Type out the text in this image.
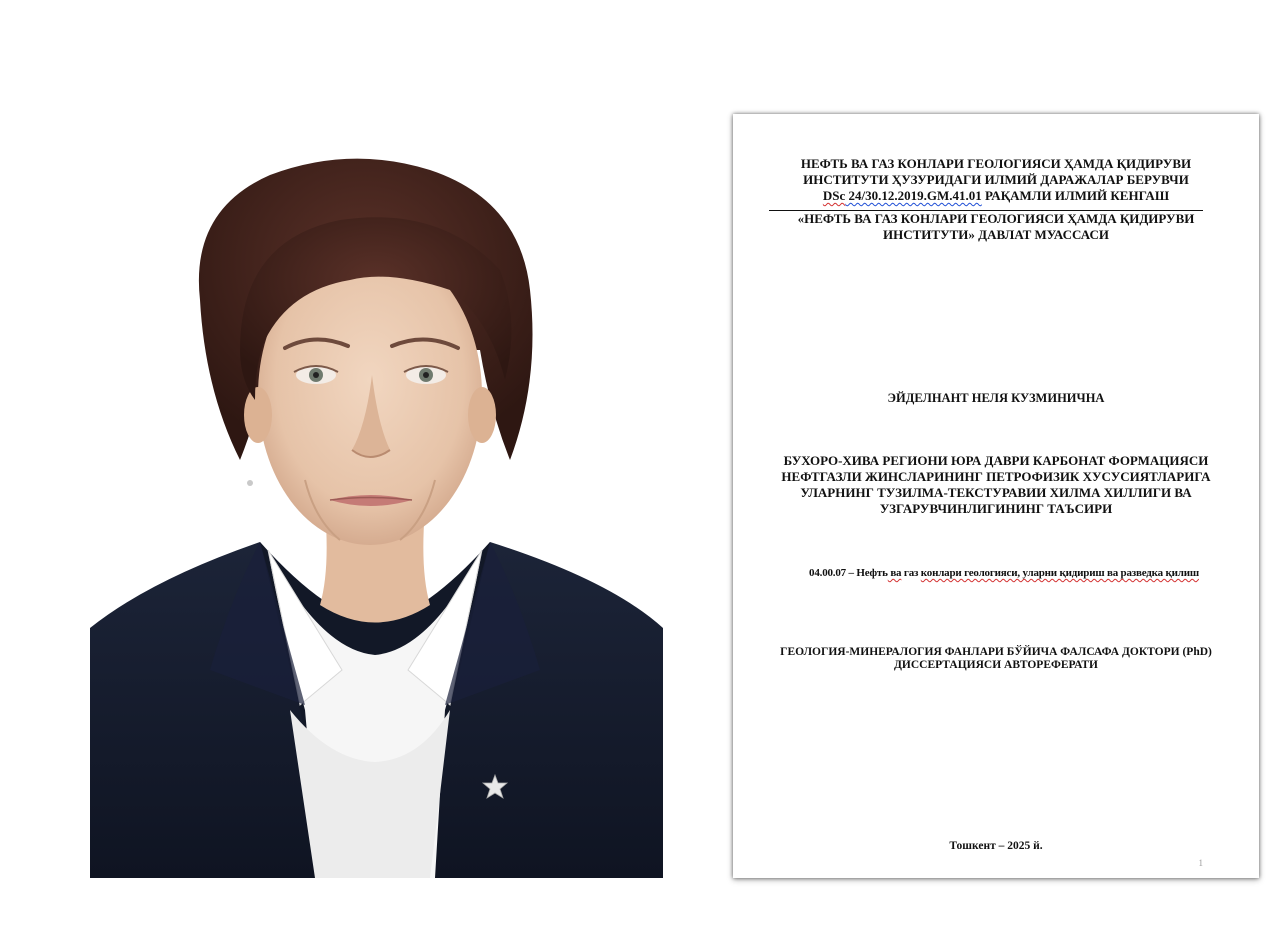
НЕФТЬ ВА ГАЗ КОНЛАРИ ГЕОЛОГИЯСИ ҲАМДА ҚИДИРУВИ
ИНСТИТУТИ ҲУЗУРИДАГИ ИЛМИЙ ДАРАЖАЛАР БЕРУВЧИ
DSc 24/30.12.2019.GM.41.01 РАҚАМЛИ ИЛМИЙ КЕНГАШ
«НЕФТЬ ВА ГАЗ КОНЛАРИ ГЕОЛОГИЯСИ ҲАМДА ҚИДИРУВИ
ИНСТИТУТИ» ДАВЛАТ МУАССАСИ
ЭЙДЕЛНАНТ НЕЛЯ КУЗМИНИЧНА
БУХОРО-ХИВА РЕГИОНИ ЮРА ДАВРИ КАРБОНАТ ФОРМАЦИЯСИ
НЕФТГАЗЛИ ЖИНСЛАРИНИНГ ПЕТРОФИЗИК ХУСУСИЯТЛАРИГА
УЛАРНИНГ ТУЗИЛМА-ТЕКСТУРАВИИ ХИЛМА ХИЛЛИГИ ВА
УЗГАРУВЧИНЛИГИНИНГ ТАЪСИРИ
04.00.07 – Нефть ва газ конлари геологияси, уларни қидириш ва разведка қилиш
ГЕОЛОГИЯ-МИНЕРАЛОГИЯ ФАНЛАРИ БЎЙИЧА ФАЛСАФА ДОКТОРИ (PhD)
ДИССЕРТАЦИЯСИ АВТОРЕФЕРАТИ
Тошкент – 2025 й.
1
